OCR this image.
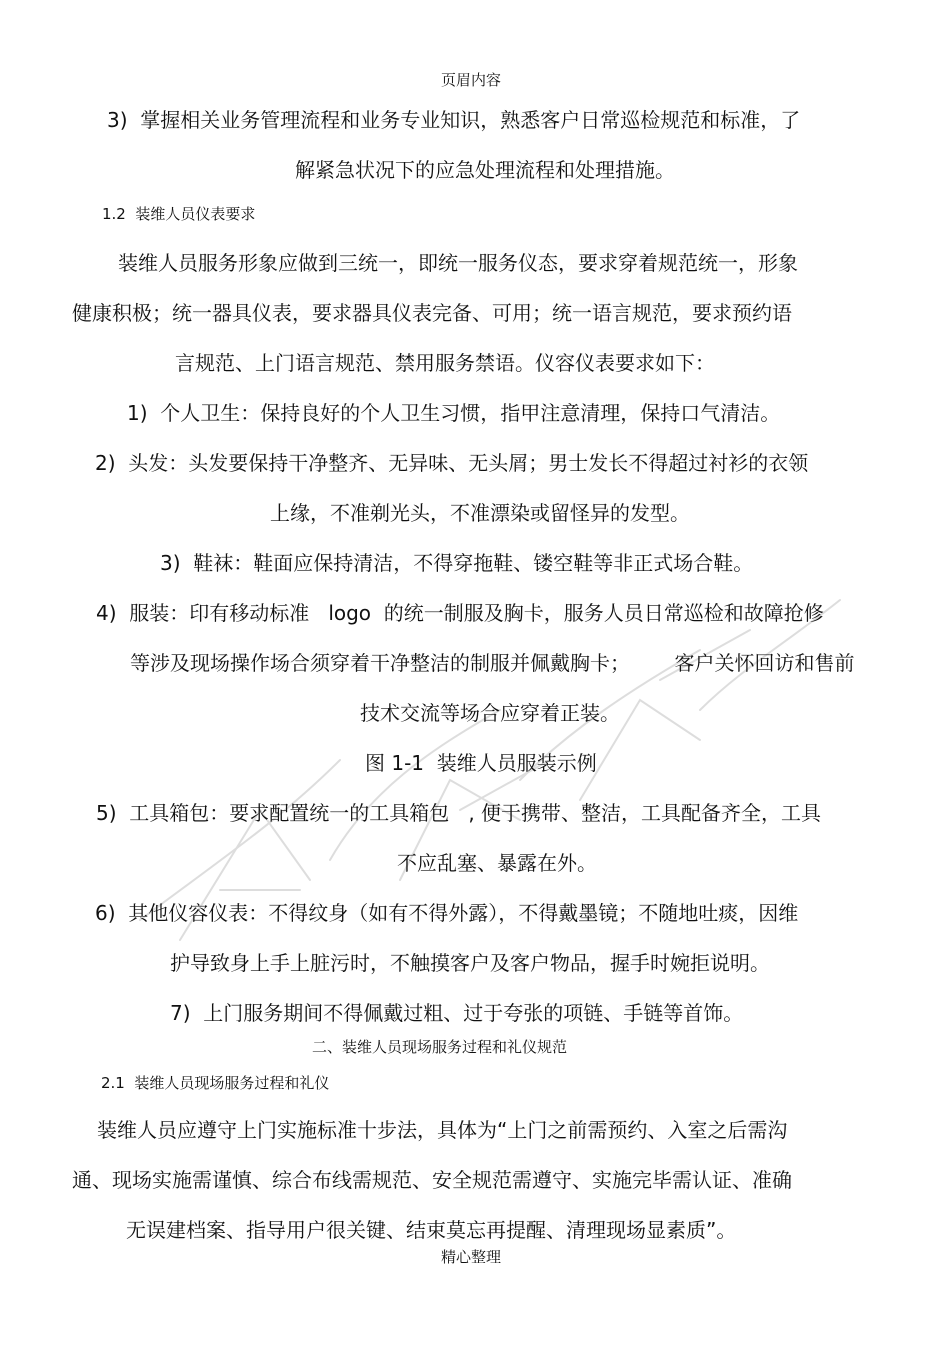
页眉内容
3)  掌握相关业务管理流程和业务专业知识，熟悉客户日常巡检规范和标准，了
解紧急状况下的应急处理流程和处理措施。
1.2  装维人员仪表要求
装维人员服务形象应做到三统一，即统一服务仪态，要求穿着规范统一，形象
健康积极；统一器具仪表，要求器具仪表完备、可用；统一语言规范，要求预约语
言规范、上门语言规范、禁用服务禁语。仪容仪表要求如下：
1)  个人卫生：保持良好的个人卫生习惯，指甲注意清理，保持口气清洁。
2)  头发：头发要保持干净整齐、无异味、无头屑；男士发长不得超过衬衫的衣领
上缘，不准剃光头，不准漂染或留怪异的发型。
3)  鞋袜：鞋面应保持清洁，不得穿拖鞋、镂空鞋等非正式场合鞋。
4)  服装：印有移动标准   logo  的统一制服及胸卡，服务人员日常巡检和故障抢修
等涉及现场操作场合须穿着干净整洁的制服并佩戴胸卡；       客户关怀回访和售前
技术交流等场合应穿着正装。
图 1-1  装维人员服装示例
5)  工具箱包：要求配置统一的工具箱包   , 便于携带、整洁，工具配备齐全，工具
不应乱塞、暴露在外。
6)  其他仪容仪表：不得纹身（如有不得外露），不得戴墨镜；不随地吐痰，因维
护导致身上手上脏污时，不触摸客户及客户物品，握手时婉拒说明。
7)  上门服务期间不得佩戴过粗、过于夸张的项链、手链等首饰。
二、装维人员现场服务过程和礼仪规范
2.1  装维人员现场服务过程和礼仪
装维人员应遵守上门实施标准十步法，具体为“上门之前需预约、入室之后需沟
通、现场实施需谨慎、综合布线需规范、安全规范需遵守、实施完毕需认证、准确
无误建档案、指导用户很关键、结束莫忘再提醒、清理现场显素质”。
精心整理
